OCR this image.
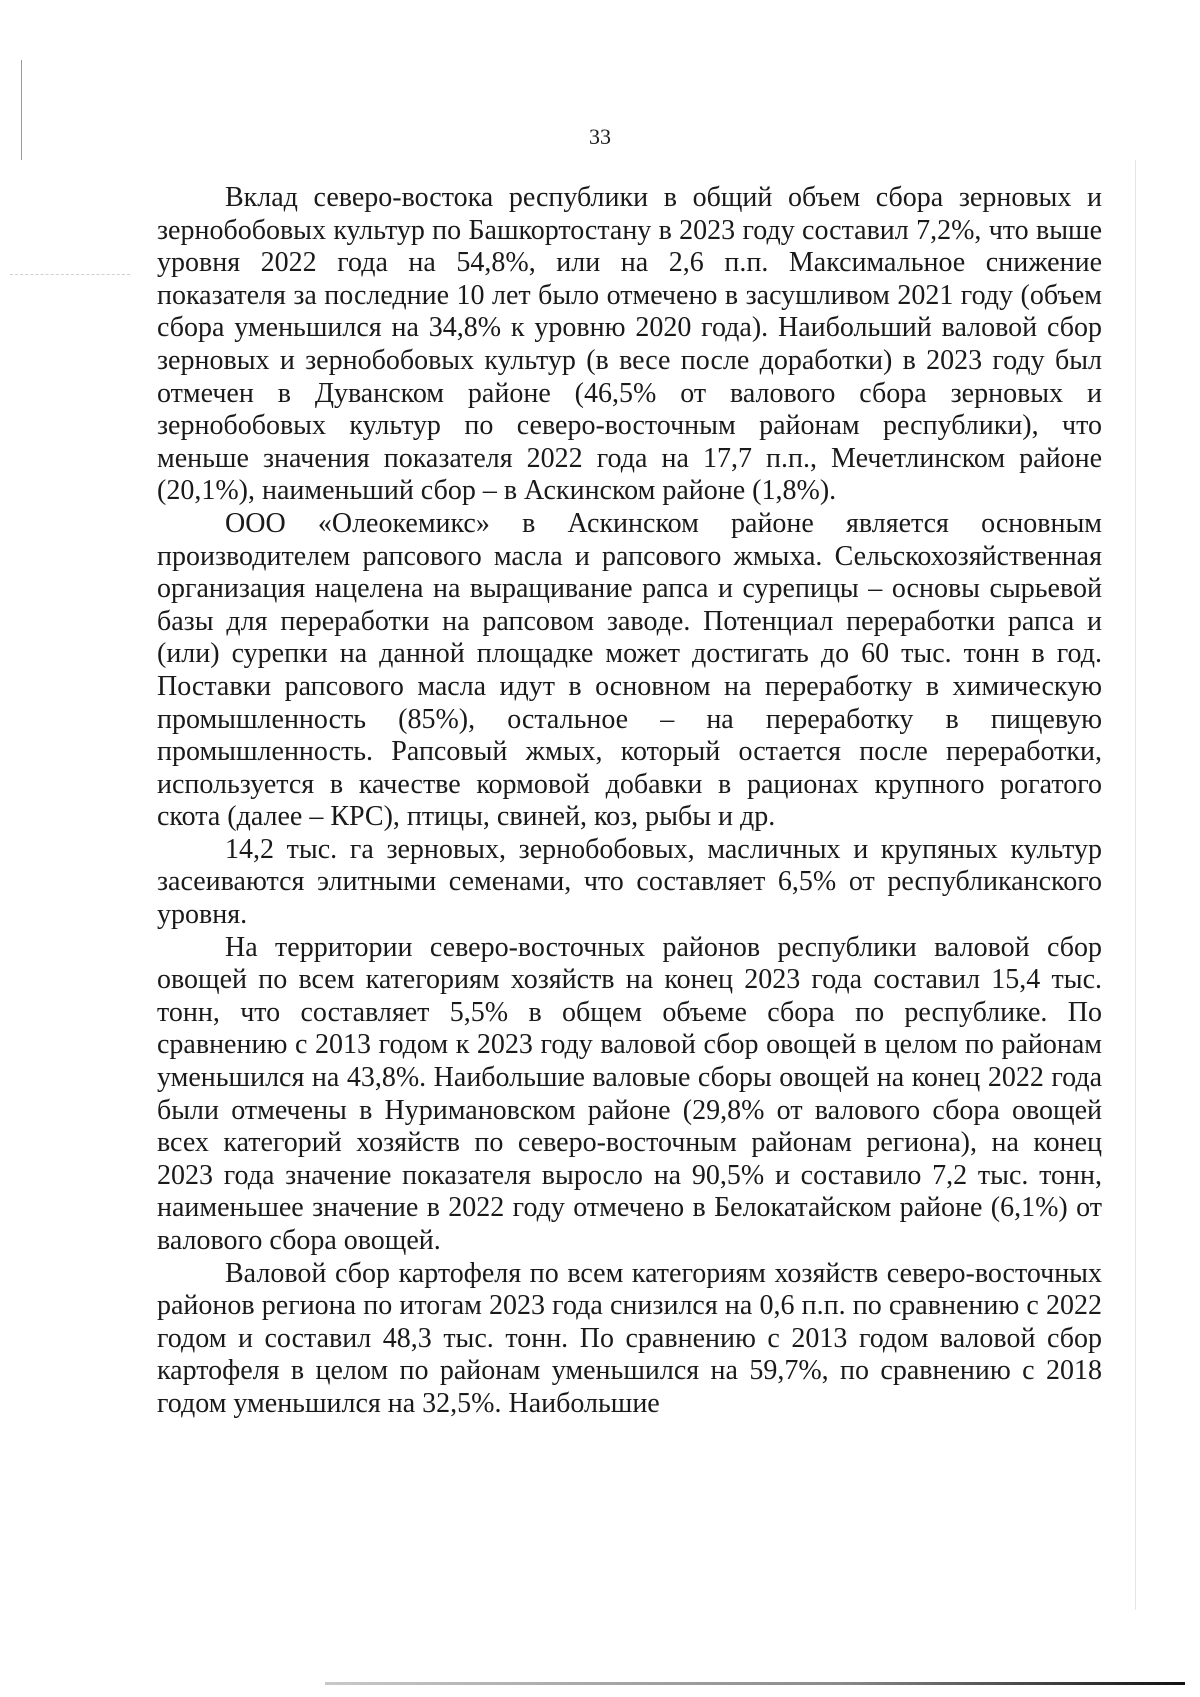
33

Вклад северо-востока республики в общий объем сбора зерновых и зернобобовых культур по Башкортостану в 2023 году составил 7,2%, что выше уровня 2022 года на 54,8%, или на 2,6 п.п. Максимальное снижение показателя за последние 10 лет было отмечено в засушливом 2021 году (объем сбора уменьшился на 34,8% к уровню 2020 года). Наибольший валовой сбор зерновых и зернобобовых культур (в весе после доработки) в 2023 году был отмечен в Дуванском районе (46,5% от валового сбора зерновых и зернобобовых культур по северо-восточным районам республики), что меньше значения показателя 2022 года на 17,7 п.п., Мечетлинском районе (20,1%), наименьший сбор – в Аскинском районе (1,8%).

ООО «Олеокемикс» в Аскинском районе является основным производителем рапсового масла и рапсового жмыха. Сельскохозяйственная организация нацелена на выращивание рапса и сурепицы – основы сырьевой базы для переработки на рапсовом заводе. Потенциал переработки рапса и (или) сурепки на данной площадке может достигать до 60 тыс. тонн в год. Поставки рапсового масла идут в основном на переработку в химическую промышленность (85%), остальное – на переработку в пищевую промышленность. Рапсовый жмых, который остается после переработки, используется в качестве кормовой добавки в рационах крупного рогатого скота (далее – КРС), птицы, свиней, коз, рыбы и др.

14,2 тыс. га зерновых, зернобобовых, масличных и крупяных культур засеиваются элитными семенами, что составляет 6,5% от республиканского уровня.

На территории северо-восточных районов республики валовой сбор овощей по всем категориям хозяйств на конец 2023 года составил 15,4 тыс. тонн, что составляет 5,5% в общем объеме сбора по республике. По сравнению с 2013 годом к 2023 году валовой сбор овощей в целом по районам уменьшился на 43,8%. Наибольшие валовые сборы овощей на конец 2022 года были отмечены в Нуримановском районе (29,8% от валового сбора овощей всех категорий хозяйств по северо-восточным районам региона), на конец 2023 года значение показателя выросло на 90,5% и составило 7,2 тыс. тонн, наименьшее значение в 2022 году отмечено в Белокатайском районе (6,1%) от валового сбора овощей.

Валовой сбор картофеля по всем категориям хозяйств северо-восточных районов региона по итогам 2023 года снизился на 0,6 п.п. по сравнению с 2022 годом и составил 48,3 тыс. тонн. По сравнению с 2013 годом валовой сбор картофеля в целом по районам уменьшился на 59,7%, по сравнению с 2018 годом уменьшился на 32,5%. Наибольшие
